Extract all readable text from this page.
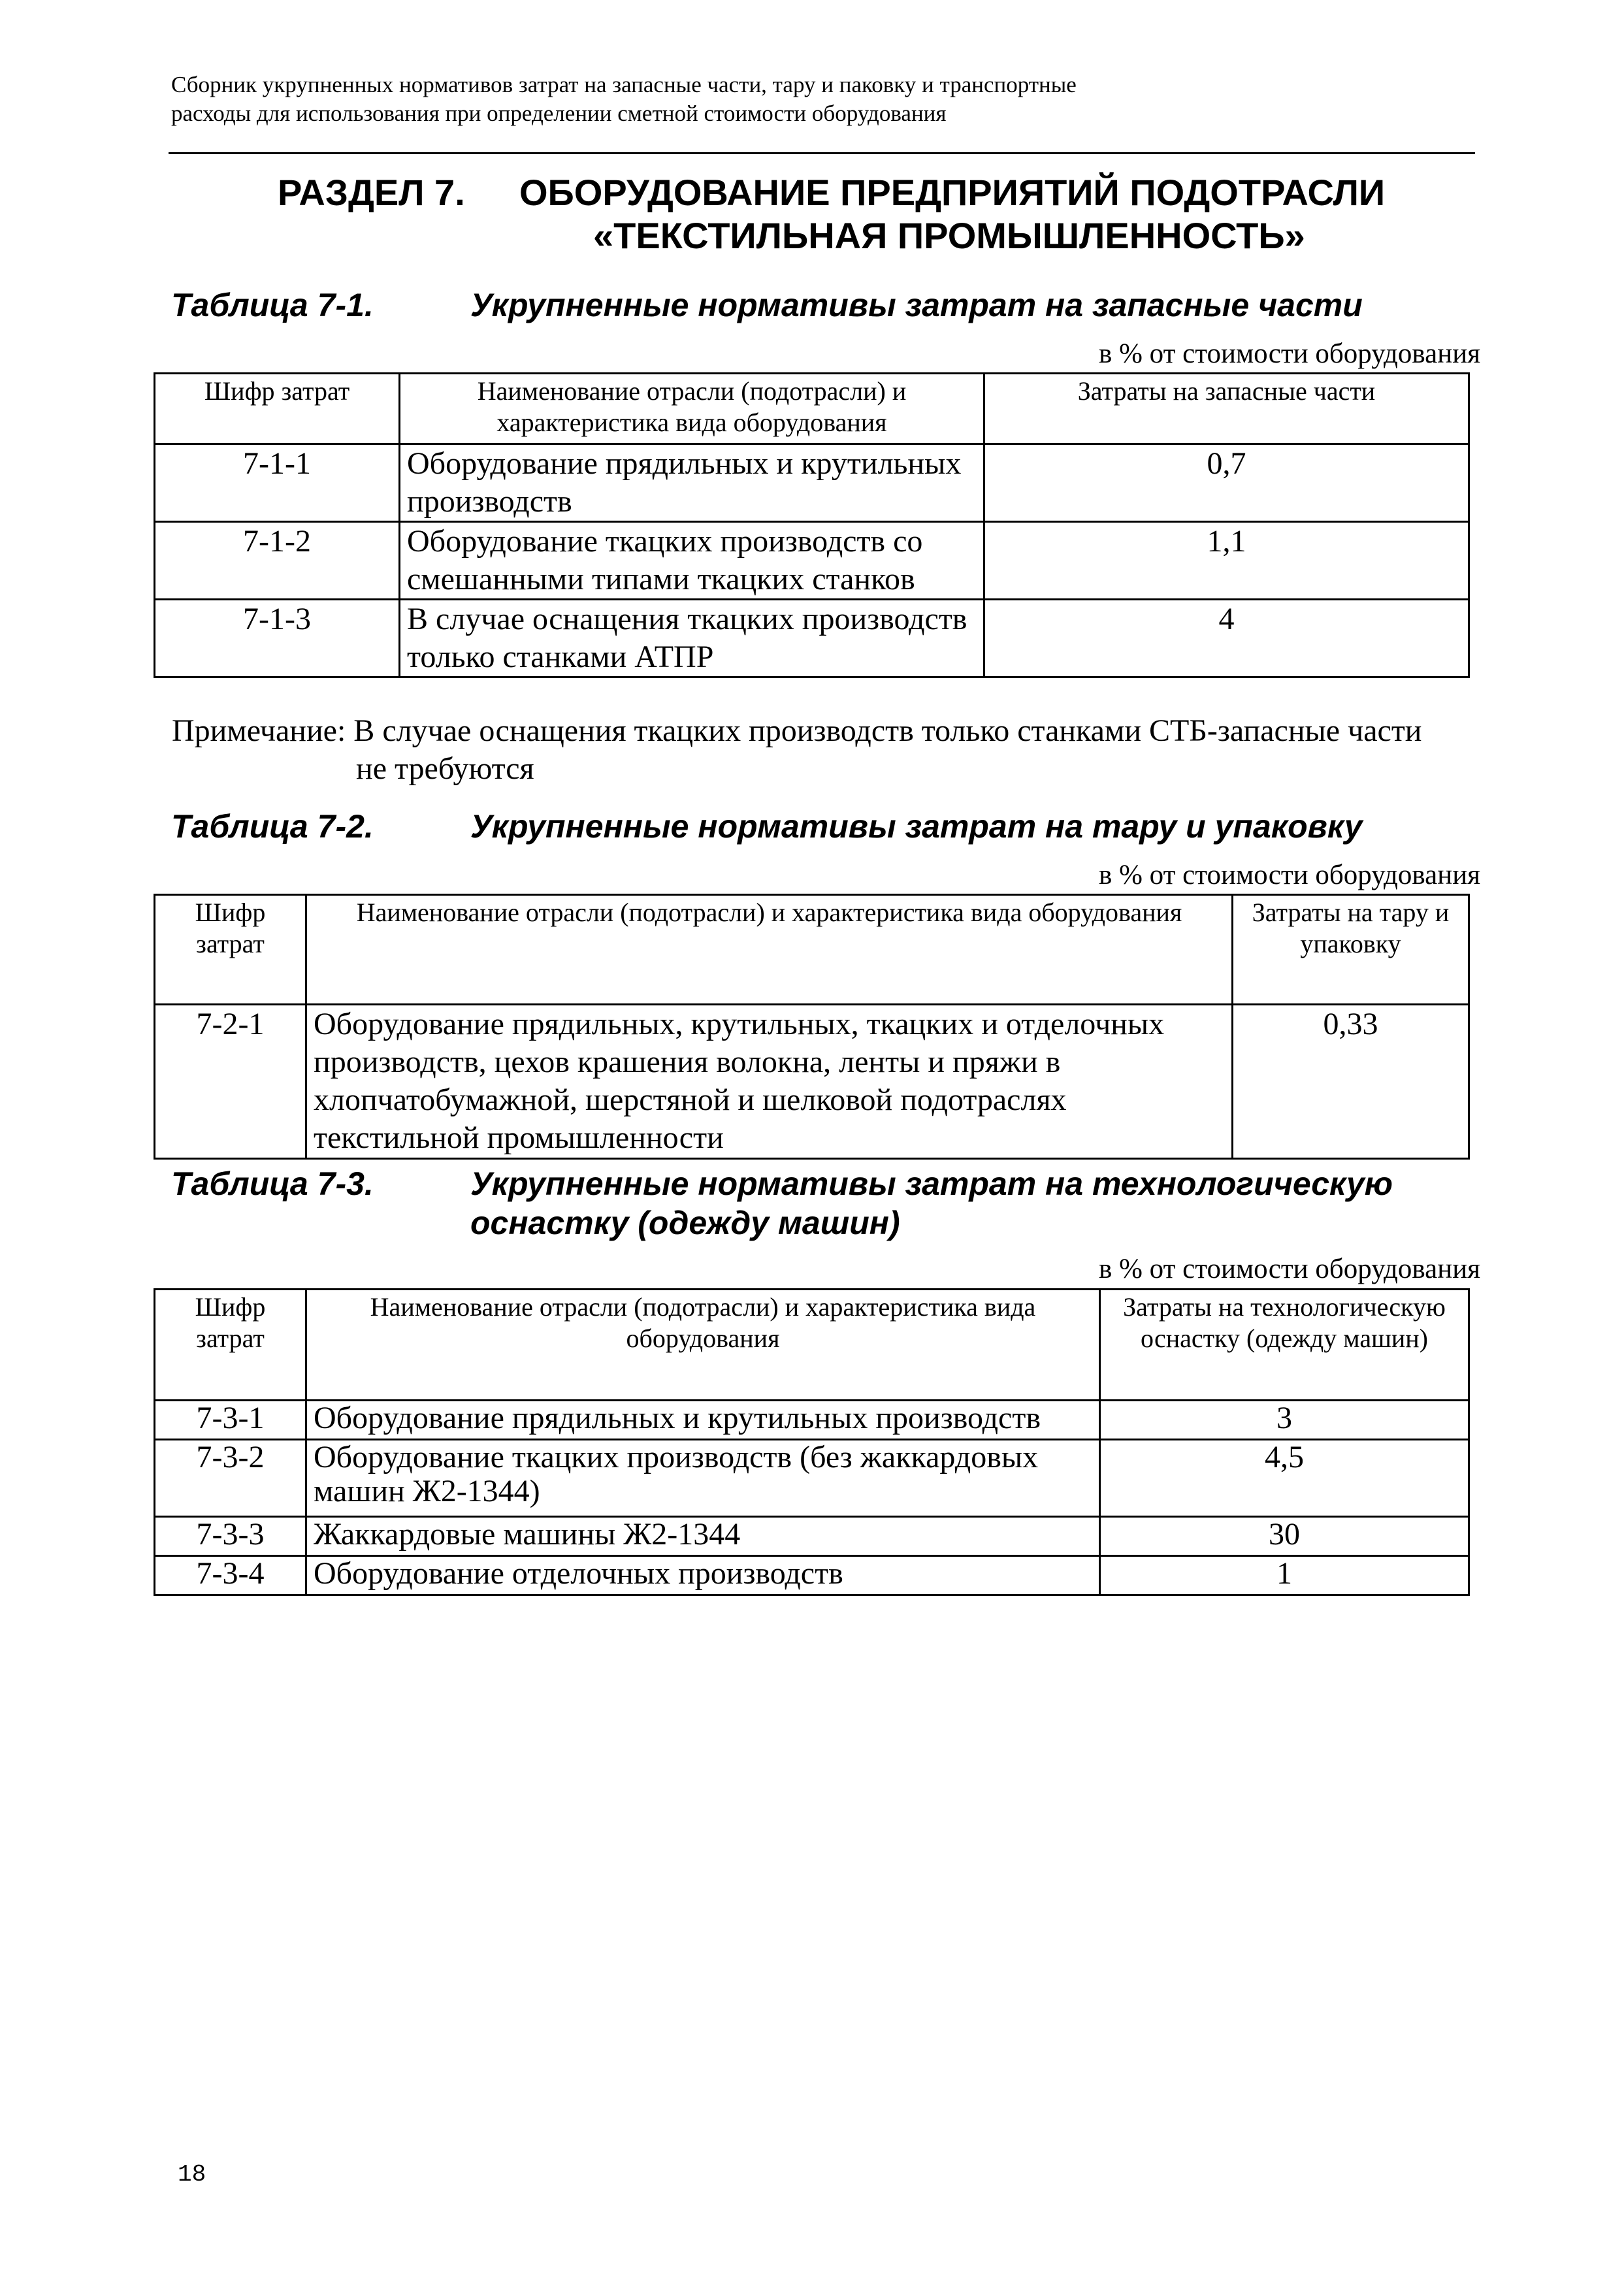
Сборник укрупненных нормативов затрат на запасные части, тару и паковку и транспортные
расходы для использования при определении сметной стоимости оборудования
РАЗДЕЛ 7. ОБОРУДОВАНИЕ ПРЕДПРИЯТИЙ ПОДОТРАСЛИ
«ТЕКСТИЛЬНАЯ ПРОМЫШЛЕННОСТЬ»
Таблица 7-1.	Укрупненные нормативы затрат на запасные части
в % от стоимости оборудования
Шифр затрат	Наименование отрасли (подотрасли) и характеристика вида оборудования	Затраты на запасные части
7-1-1	Оборудование прядильных и крутильных производств	0,7
7-1-2	Оборудование ткацких производств со смешанными типами ткацких станков	1,1
7-1-3	В случае оснащения ткацких производств только станками АТПР	4
Примечание: В случае оснащения ткацких производств только станками СТБ-запасные части
не требуются
Таблица 7-2.	Укрупненные нормативы затрат на тару и упаковку
в % от стоимости оборудования
Шифр затрат	Наименование отрасли (подотрасли) и характеристика вида оборудования	Затраты на тару и упаковку
7-2-1	Оборудование прядильных, крутильных, ткацких и отделочных производств, цехов крашения волокна, ленты и пряжи в хлопчатобумажной, шерстяной и шелковой подотраслях текстильной промышленности	0,33
Таблица 7-3.	Укрупненные нормативы затрат на технологическую
оснастку (одежду машин)
в % от стоимости оборудования
Шифр затрат	Наименование отрасли (подотрасли) и характеристика вида оборудования	Затраты на технологическую оснастку (одежду машин)
7-3-1	Оборудование прядильных и крутильных производств	3
7-3-2	Оборудование ткацких производств (без жаккардовых машин Ж2-1344)	4,5
7-3-3	Жаккардовые машины Ж2-1344	30
7-3-4	Оборудование отделочных производств	1
18
